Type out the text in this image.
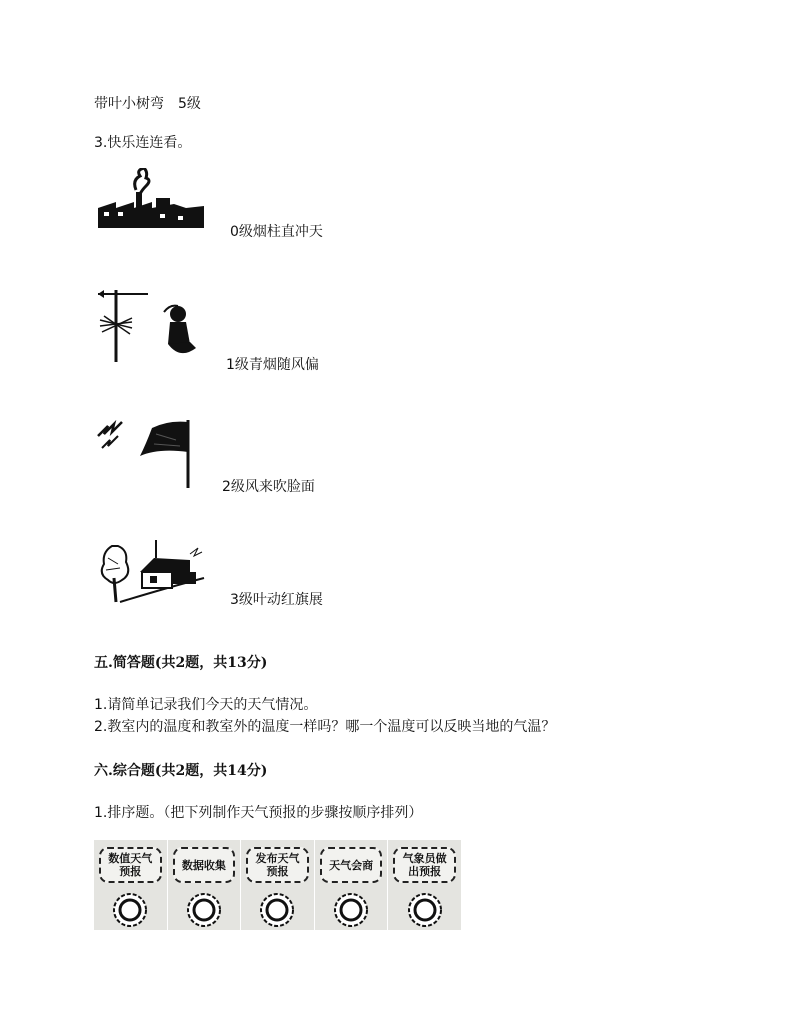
带叶小树弯　5级
3.快乐连连看。
0级烟柱直冲天
1级青烟随风偏
2级风来吹脸面
3级叶动红旗展
五.简答题(共2题，共13分)
1.请简单记录我们今天的天气情况。
2.教室内的温度和教室外的温度一样吗？哪一个温度可以反映当地的气温？
六.综合题(共2题，共14分)
1.排序题。（把下列制作天气预报的步骤按顺序排列）
数值天气预报	数据收集	发布天气预报	天气会商	气象员做出预报
